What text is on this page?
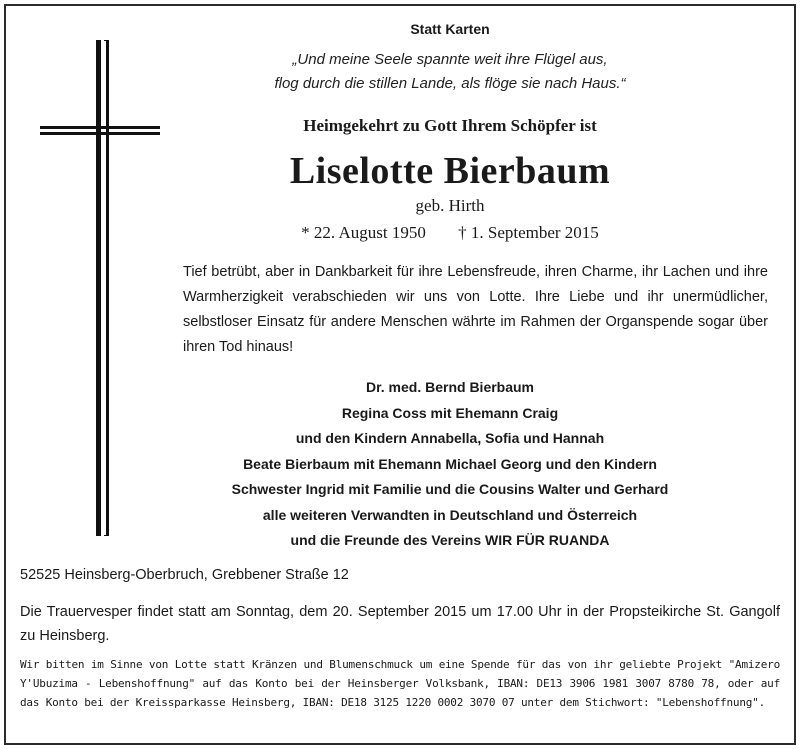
Statt Karten
„Und meine Seele spannte weit ihre Flügel aus,
flog durch die stillen Lande, als flöge sie nach Haus.“
Heimgekehrt zu Gott Ihrem Schöpfer ist
Liselotte Bierbaum
geb. Hirth
* 22. August 1950 † 1. September 2015
Tief betrübt, aber in Dankbarkeit für ihre Lebensfreude, ihren Charme, ihr Lachen und ihre Warmherzigkeit verabschieden wir uns von Lotte. Ihre Liebe und ihr unermüdlicher, selbstloser Einsatz für andere Menschen währte im Rahmen der Organspende sogar über ihren Tod hinaus!
Dr. med. Bernd Bierbaum
Regina Coss mit Ehemann Craig
und den Kindern Annabella, Sofia und Hannah
Beate Bierbaum mit Ehemann Michael Georg und den Kindern
Schwester Ingrid mit Familie und die Cousins Walter und Gerhard
alle weiteren Verwandten in Deutschland und Österreich
und die Freunde des Vereins WIR FÜR RUANDA
52525 Heinsberg-Oberbruch, Grebbener Straße 12
Die Trauervesper findet statt am Sonntag, dem 20. September 2015 um 17.00 Uhr in der Propsteikirche St. Gangolf zu Heinsberg.
Wir bitten im Sinne von Lotte statt Kränzen und Blumenschmuck um eine Spende für das von ihr geliebte Projekt "Amizero Y'Ubuzima - Lebenshoffnung" auf das Konto bei der Heinsberger Volksbank, IBAN: DE13 3906 1981 3007 8780 78, oder auf das Konto bei der Kreissparkasse Heinsberg, IBAN: DE18 3125 1220 0002 3070 07 unter dem Stichwort: "Lebenshoffnung".
